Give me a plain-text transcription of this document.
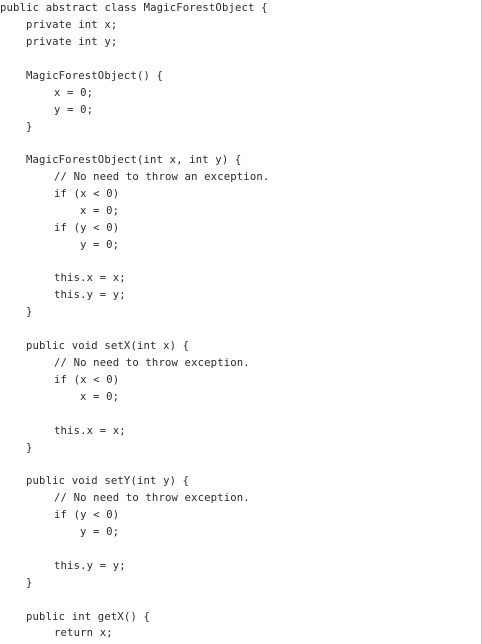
public abstract class MagicForestObject {
private int x;
private int y;
MagicForestObject() {
x = 0;
y = 0;
}
MagicForestObject(int x, int y) {
// No need to throw an exception.
if (x < 0)
x = 0;
if (y < 0)
y = 0;
this.x = x;
this.y = y;
}
public void setX(int x) {
// No need to throw exception.
if (x < 0)
x = 0;
this.x = x;
}
public void setY(int y) {
// No need to throw exception.
if (y < 0)
y = 0;
this.y = y;
}
public int getX() {
return x;
